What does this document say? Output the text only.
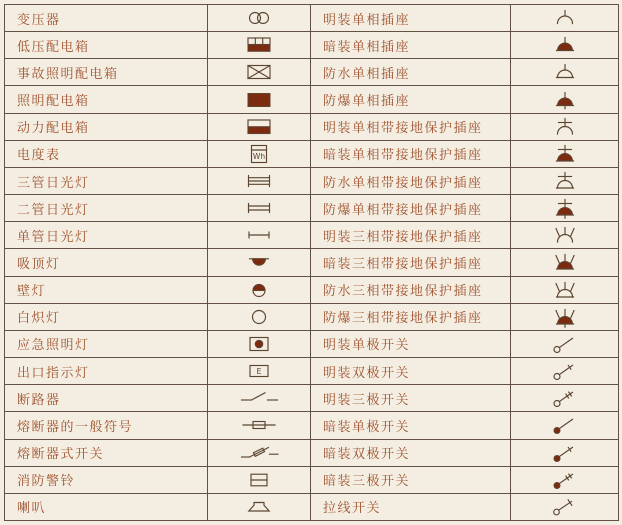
变压器		明装单相插座	
低压配电箱		暗装单相插座	
事故照明配电箱		防水单相插座	
照明配电箱		防爆单相插座	
动力配电箱		明装单相带接地保护插座	
电度表	Wh	暗装单相带接地保护插座	
三管日光灯		防水单相带接地保护插座	
二管日光灯		防爆单相带接地保护插座	
单管日光灯		明装三相带接地保护插座	
吸顶灯		暗装三相带接地保护插座	
壁灯		防水三相带接地保护插座	
白炽灯		防爆三相带接地保护插座	
应急照明灯		明装单极开关	
出口指示灯	E	明装双极开关	
断路器		明装三极开关	
熔断器的一般符号		暗装单极开关	
熔断器式开关		暗装双极开关	
消防警铃		暗装三极开关	
喇叭		拉线开关	
